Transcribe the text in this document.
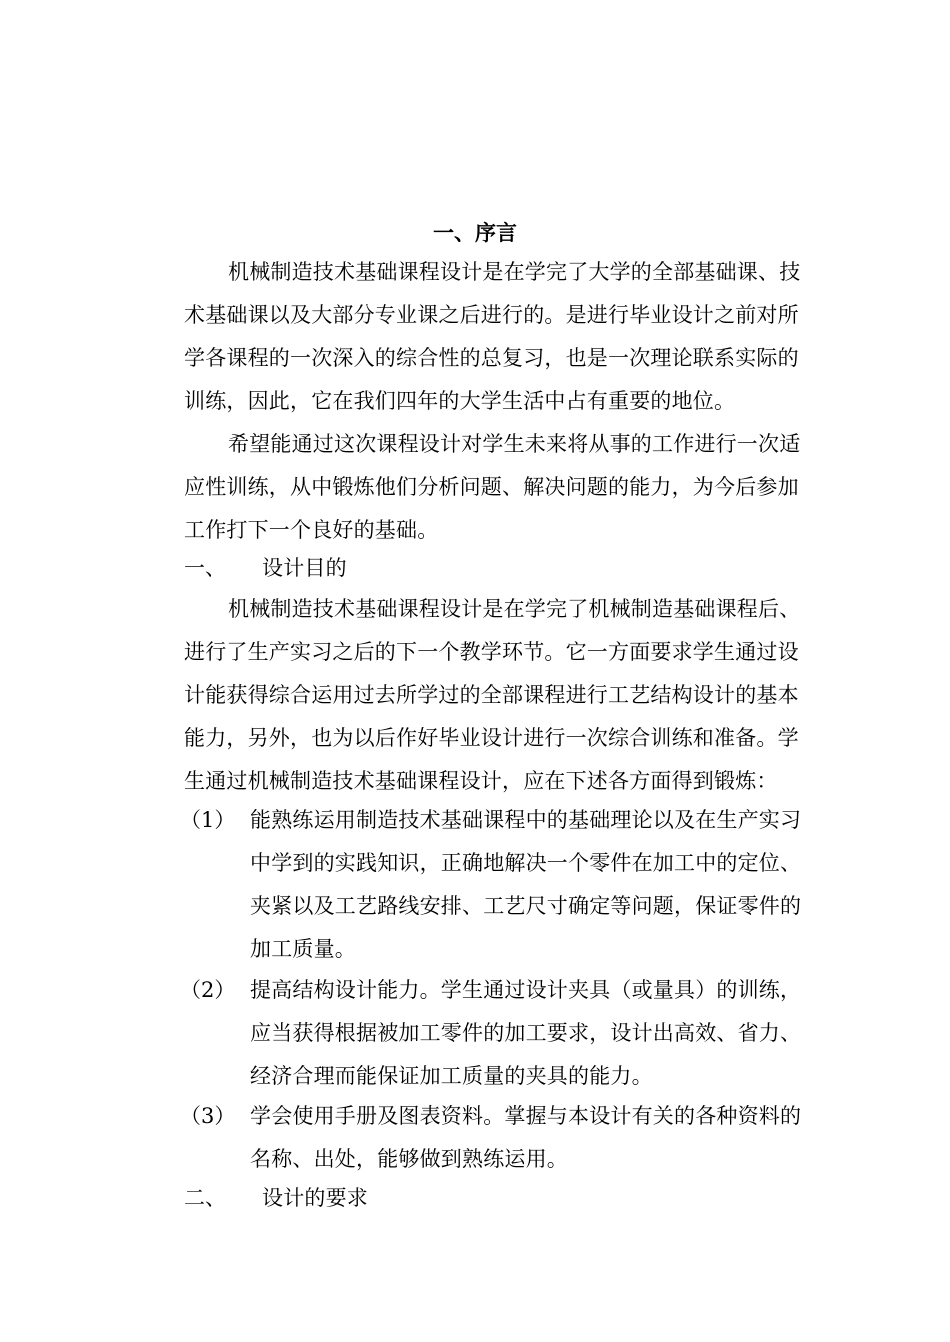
一、序言
机械制造技术基础课程设计是在学完了大学的全部基础课、技
术基础课以及大部分专业课之后进行的。是进行毕业设计之前对所
学各课程的一次深入的综合性的总复习，也是一次理论联系实际的
训练，因此，它在我们四年的大学生活中占有重要的地位。
希望能通过这次课程设计对学生未来将从事的工作进行一次适
应性训练，从中锻炼他们分析问题、解决问题的能力，为今后参加
工作打下一个良好的基础。
一、 设计目的
机械制造技术基础课程设计是在学完了机械制造基础课程后、
进行了生产实习之后的下一个教学环节。它一方面要求学生通过设
计能获得综合运用过去所学过的全部课程进行工艺结构设计的基本
能力，另外，也为以后作好毕业设计进行一次综合训练和准备。学
生通过机械制造技术基础课程设计，应在下述各方面得到锻炼：
（1） 能熟练运用制造技术基础课程中的基础理论以及在生产实习
中学到的实践知识，正确地解决一个零件在加工中的定位、
夹紧以及工艺路线安排、工艺尺寸确定等问题，保证零件的
加工质量。
（2） 提高结构设计能力。学生通过设计夹具（或量具）的训练，
应当获得根据被加工零件的加工要求，设计出高效、省力、
经济合理而能保证加工质量的夹具的能力。
（3） 学会使用手册及图表资料。掌握与本设计有关的各种资料的
名称、出处，能够做到熟练运用。
二、 设计的要求
